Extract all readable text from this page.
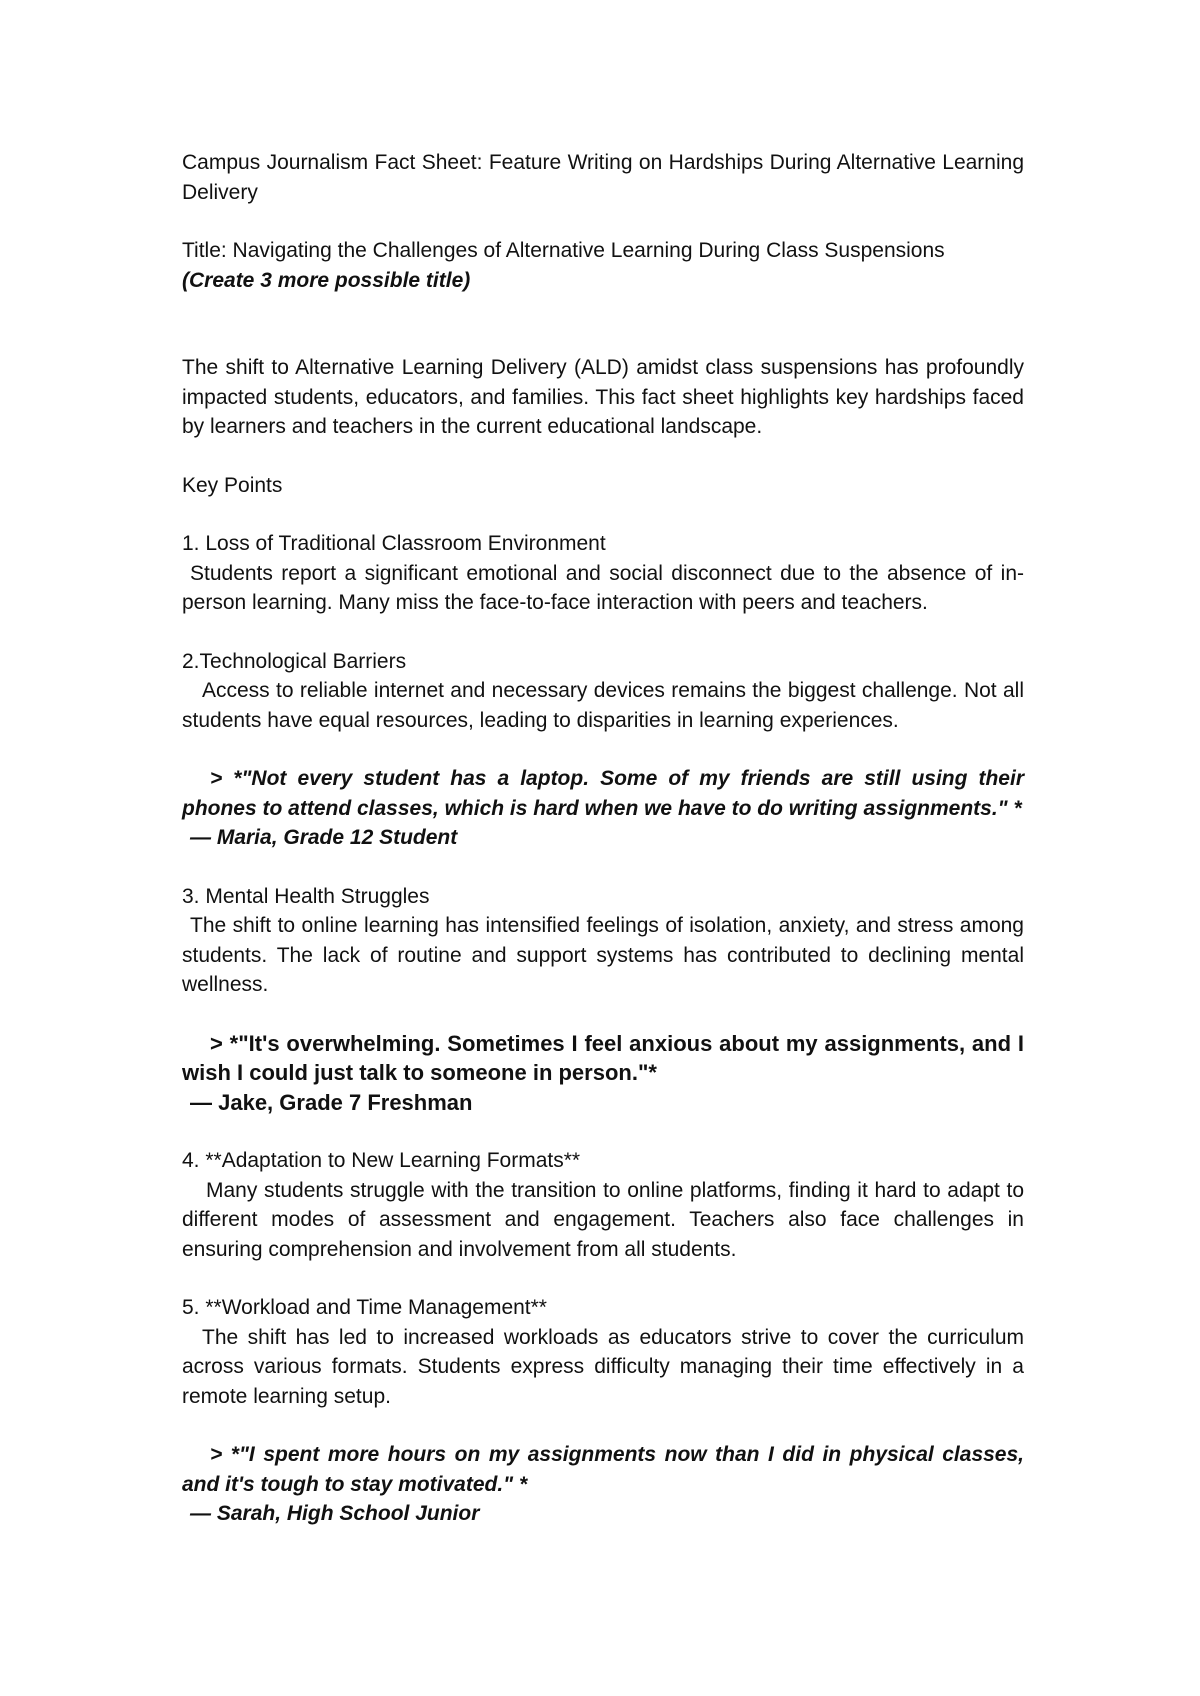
Campus Journalism Fact Sheet: Feature Writing on Hardships During Alternative Learning Delivery

Title: Navigating the Challenges of Alternative Learning During Class Suspensions

(Create 3 more possible title)

The shift to Alternative Learning Delivery (ALD) amidst class suspensions has profoundly impacted students, educators, and families. This fact sheet highlights key hardships faced by learners and teachers in the current educational landscape.

Key Points

1. Loss of Traditional Classroom Environment

Students report a significant emotional and social disconnect due to the absence of in-person learning. Many miss the face-to-face interaction with peers and teachers.

2.Technological Barriers

Access to reliable internet and necessary devices remains the biggest challenge. Not all students have equal resources, leading to disparities in learning experiences.

> *"Not every student has a laptop. Some of my friends are still using their phones to attend classes, which is hard when we have to do writing assignments." *

— Maria, Grade 12 Student

3. Mental Health Struggles

The shift to online learning has intensified feelings of isolation, anxiety, and stress among students. The lack of routine and support systems has contributed to declining mental wellness.

> *"It's overwhelming. Sometimes I feel anxious about my assignments, and I wish I could just talk to someone in person."*

— Jake, Grade 7 Freshman

4. **Adaptation to New Learning Formats**

Many students struggle with the transition to online platforms, finding it hard to adapt to different modes of assessment and engagement. Teachers also face challenges in ensuring comprehension and involvement from all students.

5. **Workload and Time Management**

The shift has led to increased workloads as educators strive to cover the curriculum across various formats. Students express difficulty managing their time effectively in a remote learning setup.

> *"I spent more hours on my assignments now than I did in physical classes, and it's tough to stay motivated." *

— Sarah, High School Junior
